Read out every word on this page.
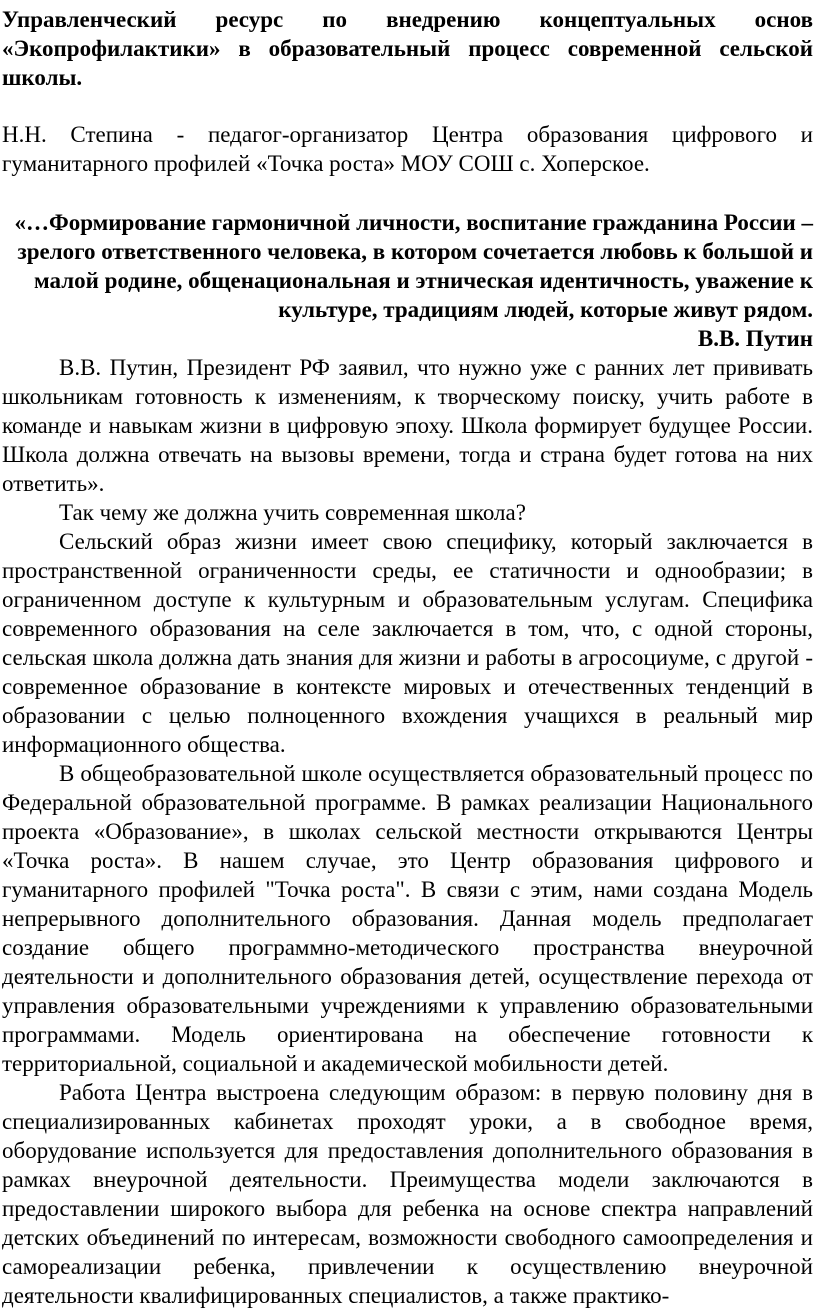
Управленческий ресурс по внедрению концептуальных основ «Экопрофилактики» в образовательный процесс современной сельской школы.

Н.Н. Степина - педагог-организатор Центра образования цифрового и гуманитарного профилей «Точка роста» МОУ СОШ с. Хоперское.

«…Формирование гармоничной личности, воспитание гражданина России – зрелого ответственного человека, в котором сочетается любовь к большой и малой родине, общенациональная и этническая идентичность, уважение к культуре, традициям людей, которые живут рядом.

В.В. Путин

В.В. Путин, Президент РФ заявил, что нужно уже с ранних лет прививать школьникам готовность к изменениям, к творческому поиску, учить работе в команде и навыкам жизни в цифровую эпоху. Школа формирует будущее России. Школа должна отвечать на вызовы времени, тогда и страна будет готова на них ответить».

Так чему же должна учить современная школа?

Сельский образ жизни имеет свою специфику, который заключается в пространственной ограниченности среды, ее статичности и однообразии; в ограниченном доступе к культурным и образовательным услугам. Специфика современного образования на селе заключается в том, что, с одной стороны, сельская школа должна дать знания для жизни и работы в агросоциуме, с другой - современное образование в контексте мировых и отечественных тенденций в образовании с целью полноценного вхождения учащихся в реальный мир информационного общества.

В общеобразовательной школе осуществляется образовательный процесс по Федеральной образовательной программе. В рамках реализации Национального проекта «Образование», в школах сельской местности открываются Центры «Точка роста». В нашем случае, это Центр образования цифрового и гуманитарного профилей "Точка роста". В связи с этим, нами создана Модель непрерывного дополнительного образования. Данная модель предполагает создание общего программно-методического пространства внеурочной деятельности и дополнительного образования детей, осуществление перехода от управления образовательными учреждениями к управлению образовательными программами. Модель ориентирована на обеспечение готовности к территориальной, социальной и академической мобильности детей.

Работа Центра выстроена следующим образом: в первую половину дня в специализированных кабинетах проходят уроки, а в свободное время, оборудование используется для предоставления дополнительного образования в рамках внеурочной деятельности. Преимущества модели заключаются в предоставлении широкого выбора для ребенка на основе спектра направлений детских объединений по интересам, возможности свободного самоопределения и самореализации ребенка, привлечении к осуществлению внеурочной деятельности квалифицированных специалистов, а также практико-
